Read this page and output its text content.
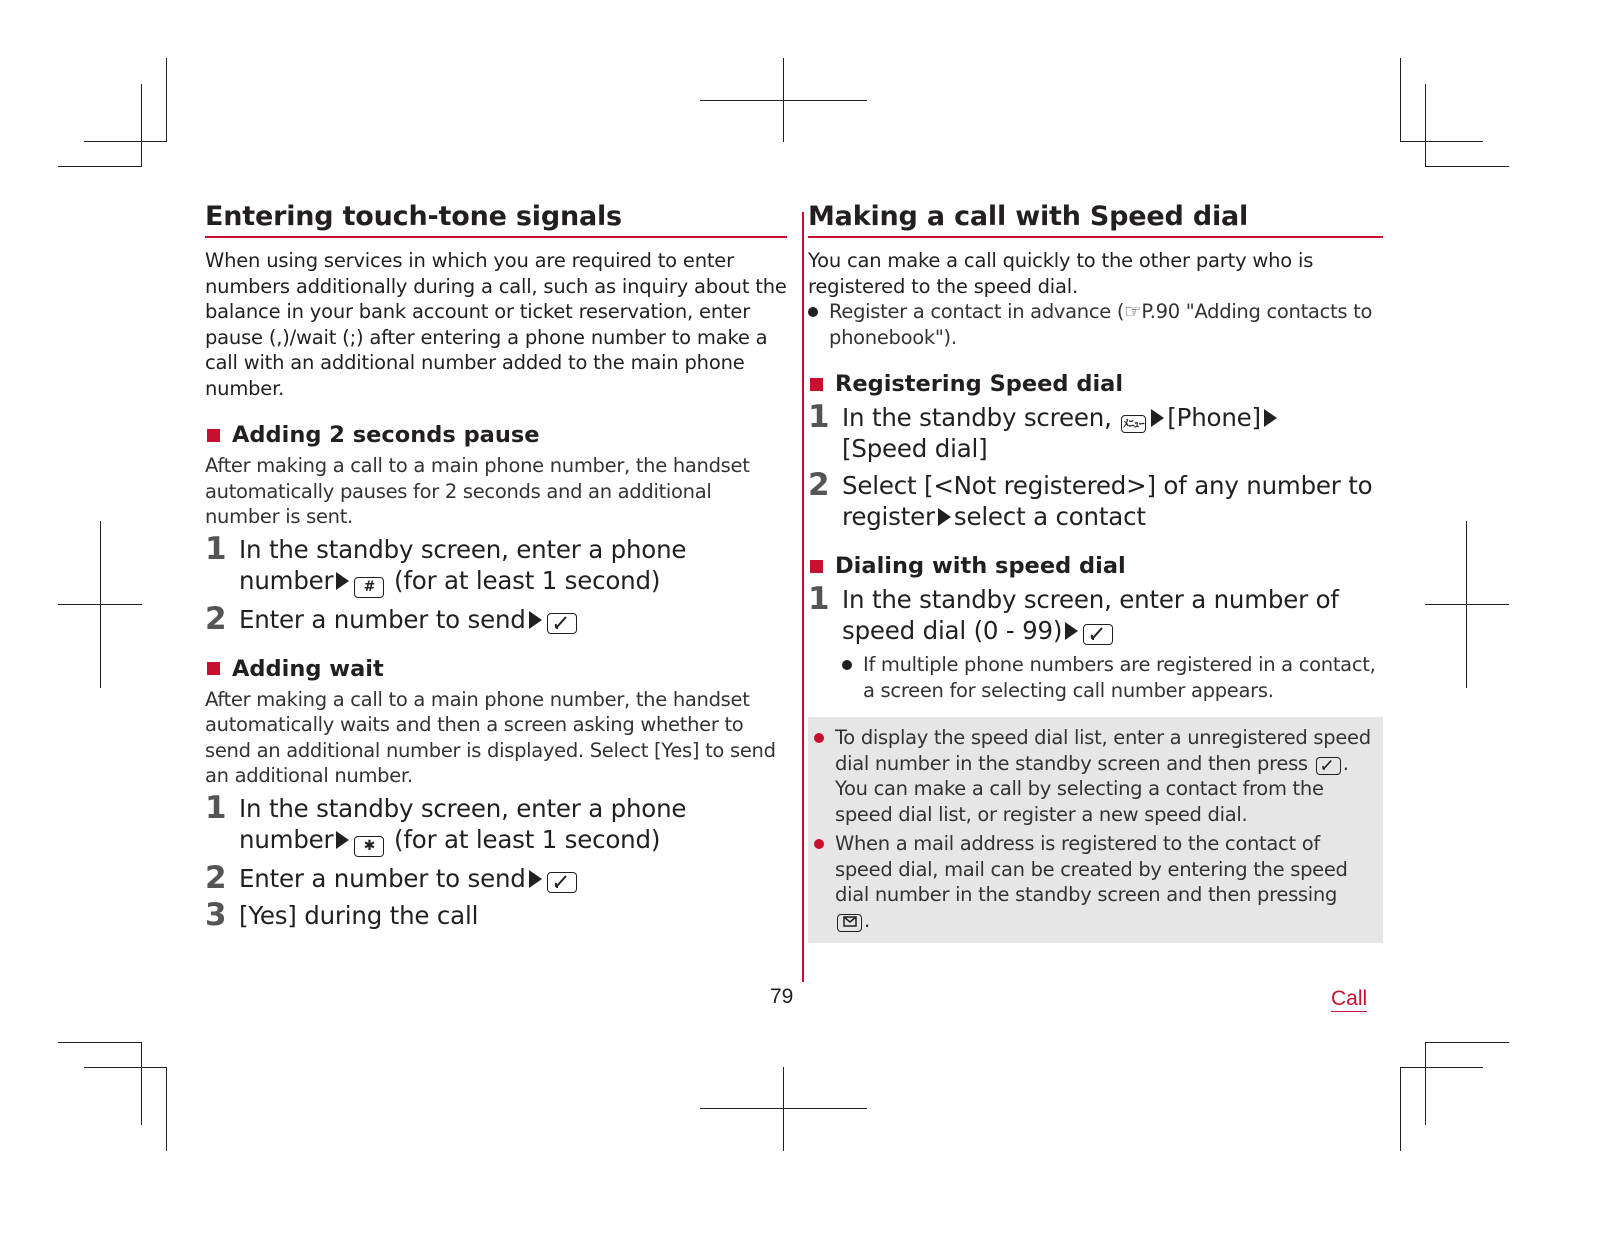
Entering touch-tone signals

When using services in which you are required to enter numbers additionally during a call, such as inquiry about the balance in your bank account or ticket reservation, enter pause (,)/wait (;) after entering a phone number to make a call with an additional number added to the main phone number.

Adding 2 seconds pause

After making a call to a main phone number, the handset automatically pauses for 2 seconds and an additional number is sent.

1 In the standby screen, enter a phone number # (for at least 1 second)
2 Enter a number to send
Adding wait

After making a call to a main phone number, the handset automatically waits and then a screen asking whether to send an additional number is displayed. Select [Yes] to send an additional number.

1 In the standby screen, enter a phone number ✱ (for at least 1 second)
2 Enter a number to send
3 [Yes] during the call
Making a call with Speed dial

You can make a call quickly to the other party who is registered to the speed dial.

Register a contact in advance (☞P.90 "Adding contacts to phonebook").
Registering Speed dial
1 In the standby screen, ﾒﾆｭｰ [Phone]
[Speed dial]
2 Select [<Not registered>] of any number to register select a contact
Dialing with speed dial
1 In the standby screen, enter a number of speed dial (0 - 99)
If multiple phone numbers are registered in a contact, a screen for selecting call number appears.
To display the speed dial list, enter a unregistered speed dial number in the standby screen and then press . You can make a call by selecting a contact from the speed dial list, or register a new speed dial.
When a mail address is registered to the contact of speed dial, mail can be created by entering the speed dial number in the standby screen and then pressing
.
79	Call
